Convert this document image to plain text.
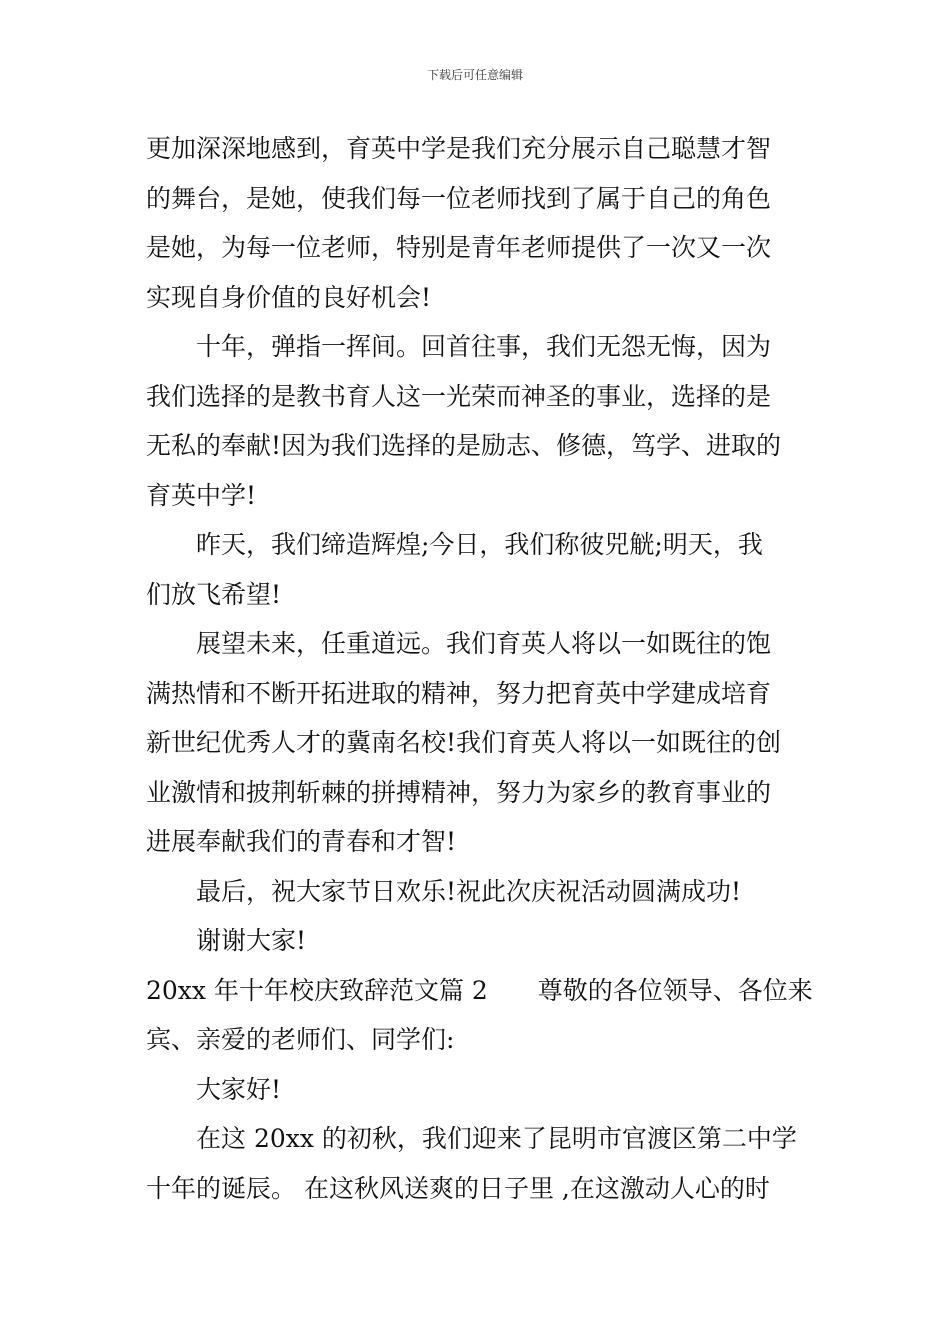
下载后可任意编辑
更加深深地感到，育英中学是我们充分展示自己聪慧才智
的舞台，是她，使我们每一位老师找到了属于自己的角色
是她，为每一位老师，特别是青年老师提供了一次又一次
实现自身价值的良好机会!
十年，弹指一挥间。回首往事，我们无怨无悔，因为
我们选择的是教书育人这一光荣而神圣的事业，选择的是
无私的奉献!因为我们选择的是励志、修德，笃学、进取的
育英中学!
昨天，我们缔造辉煌;今日，我们称彼兕觥;明天，我
们放飞希望!
展望未来，任重道远。我们育英人将以一如既往的饱
满热情和不断开拓进取的精神，努力把育英中学建成培育
新世纪优秀人才的冀南名校!我们育英人将以一如既往的创
业激情和披荆斩棘的拼搏精神，努力为家乡的教育事业的
进展奉献我们的青春和才智!
最后，祝大家节日欢乐!祝此次庆祝活动圆满成功!
谢谢大家!
20xx 年十年校庆致辞范文篇 2　　尊敬的各位领导、各位来
宾、亲爱的老师们、同学们:
大家好!
在这 20xx 的初秋，我们迎来了昆明市官渡区第二中学
十年的诞辰。 在这秋风送爽的日子里 ,在这激动人心的时
